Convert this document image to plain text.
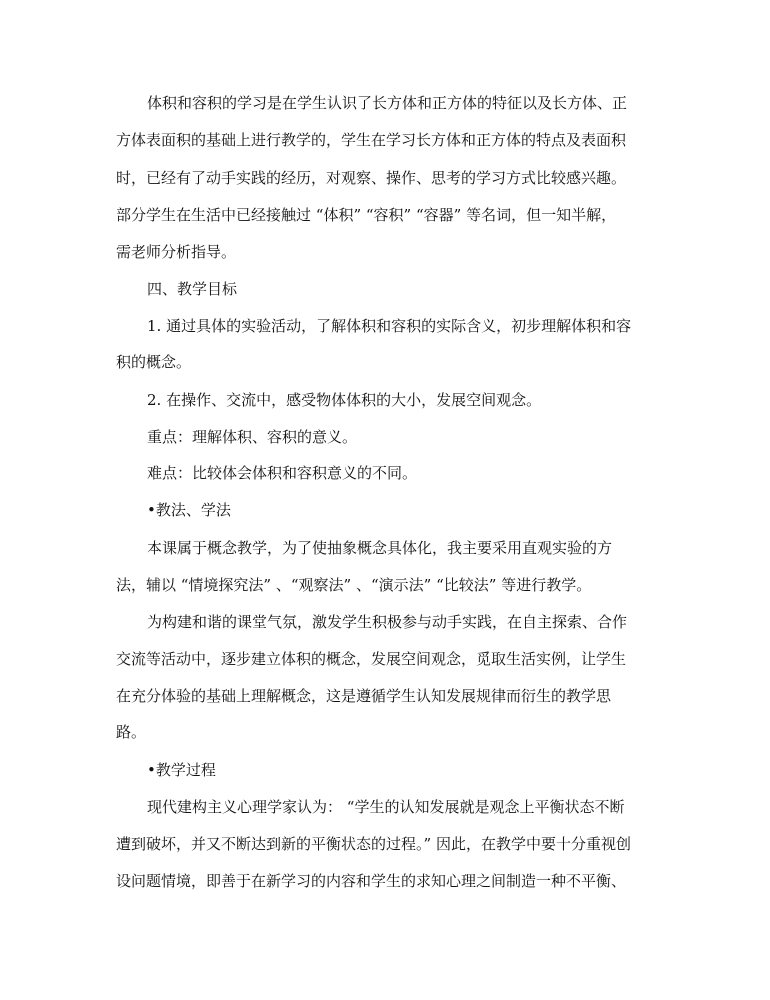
体积和容积的学习是在学生认识了长方体和正方体的特征以及长方体、正
方体表面积的基础上进行教学的，学生在学习长方体和正方体的特点及表面积
时，已经有了动手实践的经历，对观察、操作、思考的学习方式比较感兴趣。
部分学生在生活中已经接触过 “体积” “容积” “容器” 等名词，但一知半解，
需老师分析指导。
四、教学目标
1. 通过具体的实验活动，了解体积和容积的实际含义，初步理解体积和容
积的概念。
2. 在操作、交流中，感受物体体积的大小，发展空间观念。
重点：理解体积、容积的意义。
难点：比较体会体积和容积意义的不同。
•教法、学法
本课属于概念教学，为了使抽象概念具体化，我主要采用直观实验的方
法，辅以 “情境探究法” 、“观察法” 、“演示法” “比较法” 等进行教学。
为构建和谐的课堂气氛，激发学生积极参与动手实践，在自主探索、合作
交流等活动中，逐步建立体积的概念，发展空间观念，觅取生活实例，让学生
在充分体验的基础上理解概念，这是遵循学生认知发展规律而衍生的教学思
路。
•教学过程
现代建构主义心理学家认为： “学生的认知发展就是观念上平衡状态不断
遭到破坏，并又不断达到新的平衡状态的过程。” 因此，在教学中要十分重视创
设问题情境，即善于在新学习的内容和学生的求知心理之间制造一种不平衡、
